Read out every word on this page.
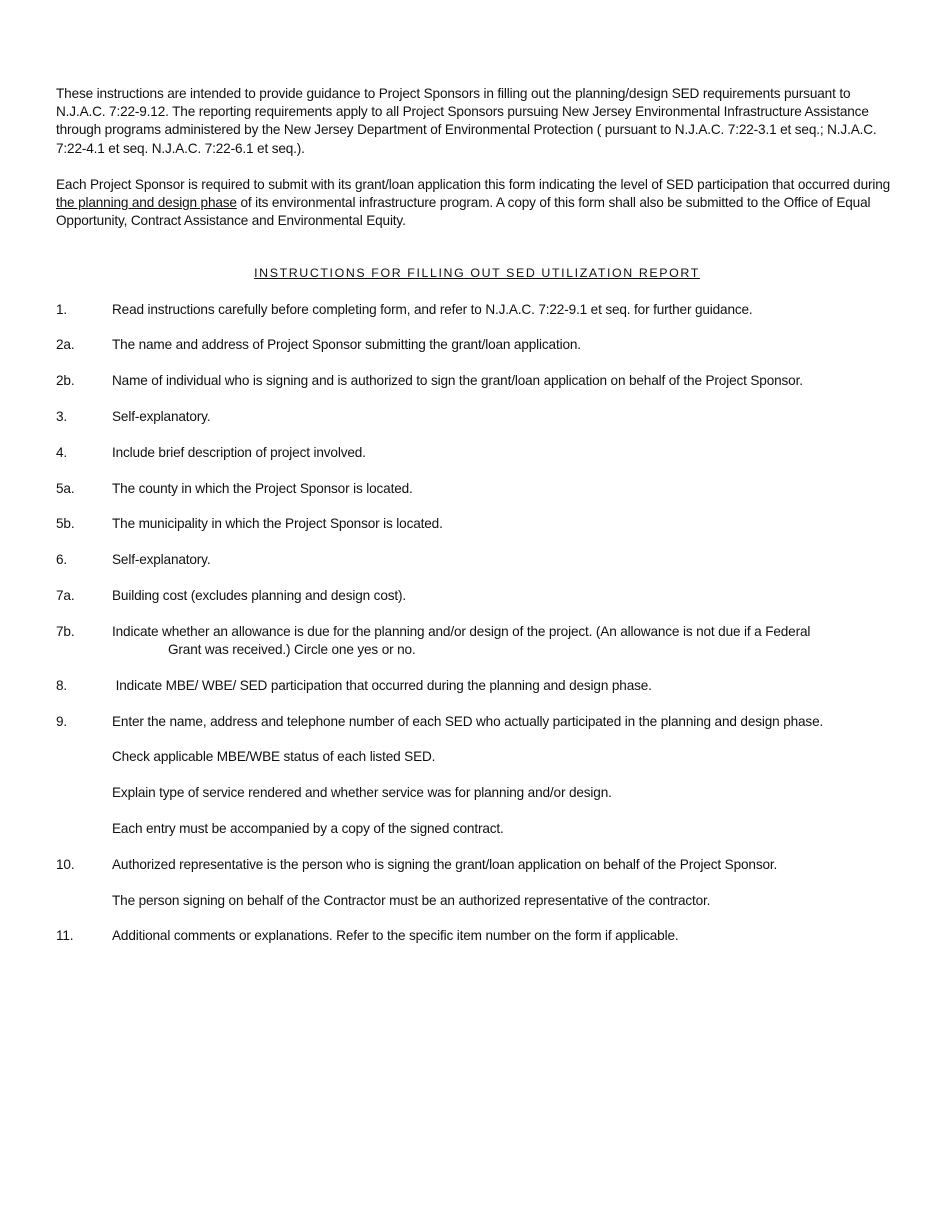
These instructions are intended to provide guidance to Project Sponsors in filling out the planning/design SED requirements pursuant to N.J.A.C. 7:22-9.12. The reporting requirements apply to all Project Sponsors pursuing New Jersey Environmental Infrastructure Assistance through programs administered by the New Jersey Department of Environmental Protection ( pursuant to N.J.A.C. 7:22-3.1 et seq.; N.J.A.C. 7:22-4.1 et seq. N.J.A.C. 7:22-6.1 et seq.).

Each Project Sponsor is required to submit with its grant/loan application this form indicating the level of SED participation that occurred during the planning and design phase of its environmental infrastructure program. A copy of this form shall also be submitted to the Office of Equal Opportunity, Contract Assistance and Environmental Equity.

INSTRUCTIONS FOR FILLING OUT SED UTILIZATION REPORT
1.	Read instructions carefully before completing form, and refer to N.J.A.C. 7:22-9.1 et seq. for further guidance.
2a.	The name and address of Project Sponsor submitting the grant/loan application.
2b.	Name of individual who is signing and is authorized to sign the grant/loan application on behalf of the Project Sponsor.
3.	Self-explanatory.
4.	Include brief description of project involved.
5a.	The county in which the Project Sponsor is located.
5b.	The municipality in which the Project Sponsor is located.
6.	Self-explanatory.
7a.	Building cost (excludes planning and design cost).
7b.	Indicate whether an allowance is due for the planning and/or design of the project. (An allowance is not due if a Federal
Grant was received.) Circle one yes or no.
8.	Indicate MBE/ WBE/ SED participation that occurred during the planning and design phase.
9.	Enter the name, address and telephone number of each SED who actually participated in the planning and design phase.
Check applicable MBE/WBE status of each listed SED.
Explain type of service rendered and whether service was for planning and/or design.
Each entry must be accompanied by a copy of the signed contract.
10.	Authorized representative is the person who is signing the grant/loan application on behalf of the Project Sponsor.
The person signing on behalf of the Contractor must be an authorized representative of the contractor.
11.	Additional comments or explanations. Refer to the specific item number on the form if applicable.
